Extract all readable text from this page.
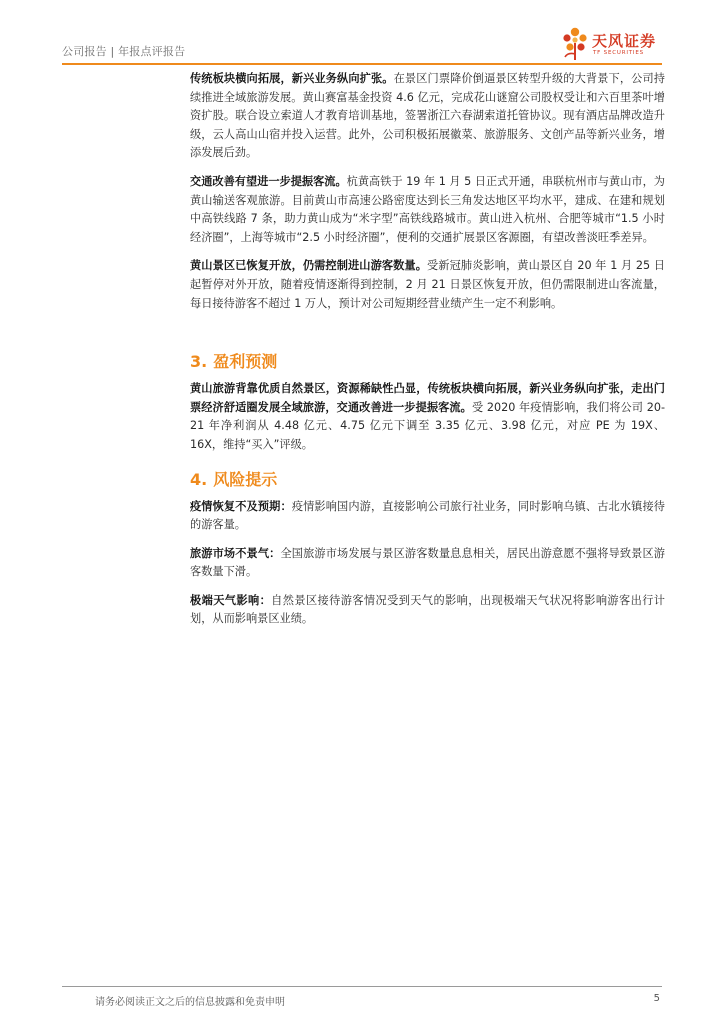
公司报告 | 年报点评报告
天风证券
TF SECURITIES

传统板块横向拓展，新兴业务纵向扩张。在景区门票降价倒逼景区转型升级的大背景下，公司持续推进全域旅游发展。黄山赛富基金投资 4.6 亿元，完成花山谜窟公司股权受让和六百里茶叶增资扩股。联合设立索道人才教育培训基地，签署浙江六春湖索道托管协议。现有酒店品牌改造升级，云人高山山宿并投入运营。此外，公司积极拓展徽菜、旅游服务、文创产品等新兴业务，增添发展后劲。

交通改善有望进一步提振客流。杭黄高铁于 19 年 1 月 5 日正式开通，串联杭州市与黄山市，为黄山输送客观旅游。目前黄山市高速公路密度达到长三角发达地区平均水平，建成、在建和规划中高铁线路 7 条，助力黄山成为“米字型”高铁线路城市。黄山进入杭州、合肥等城市“1.5 小时经济圈”，上海等城市“2.5 小时经济圈”，便利的交通扩展景区客源圈，有望改善淡旺季差异。

黄山景区已恢复开放，仍需控制进山游客数量。受新冠肺炎影响，黄山景区自 20 年 1 月 25 日起暂停对外开放，随着疫情逐渐得到控制，2 月 21 日景区恢复开放，但仍需限制进山客流量，每日接待游客不超过 1 万人，预计对公司短期经营业绩产生一定不利影响。

3. 盈利预测

黄山旅游背靠优质自然景区，资源稀缺性凸显，传统板块横向拓展，新兴业务纵向扩张，走出门票经济舒适圈发展全域旅游，交通改善进一步提振客流。受 2020 年疫情影响，我们将公司 20-21 年净利润从 4.48 亿元、4.75 亿元下调至 3.35 亿元、3.98 亿元，对应 PE 为 19X、16X，维持“买入”评级。

4. 风险提示

疫情恢复不及预期：疫情影响国内游，直接影响公司旅行社业务，同时影响乌镇、古北水镇接待的游客量。

旅游市场不景气：全国旅游市场发展与景区游客数量息息相关，居民出游意愿不强将导致景区游客数量下滑。

极端天气影响：自然景区接待游客情况受到天气的影响，出现极端天气状况将影响游客出行计划，从而影响景区业绩。

请务必阅读正文之后的信息披露和免责申明	5
